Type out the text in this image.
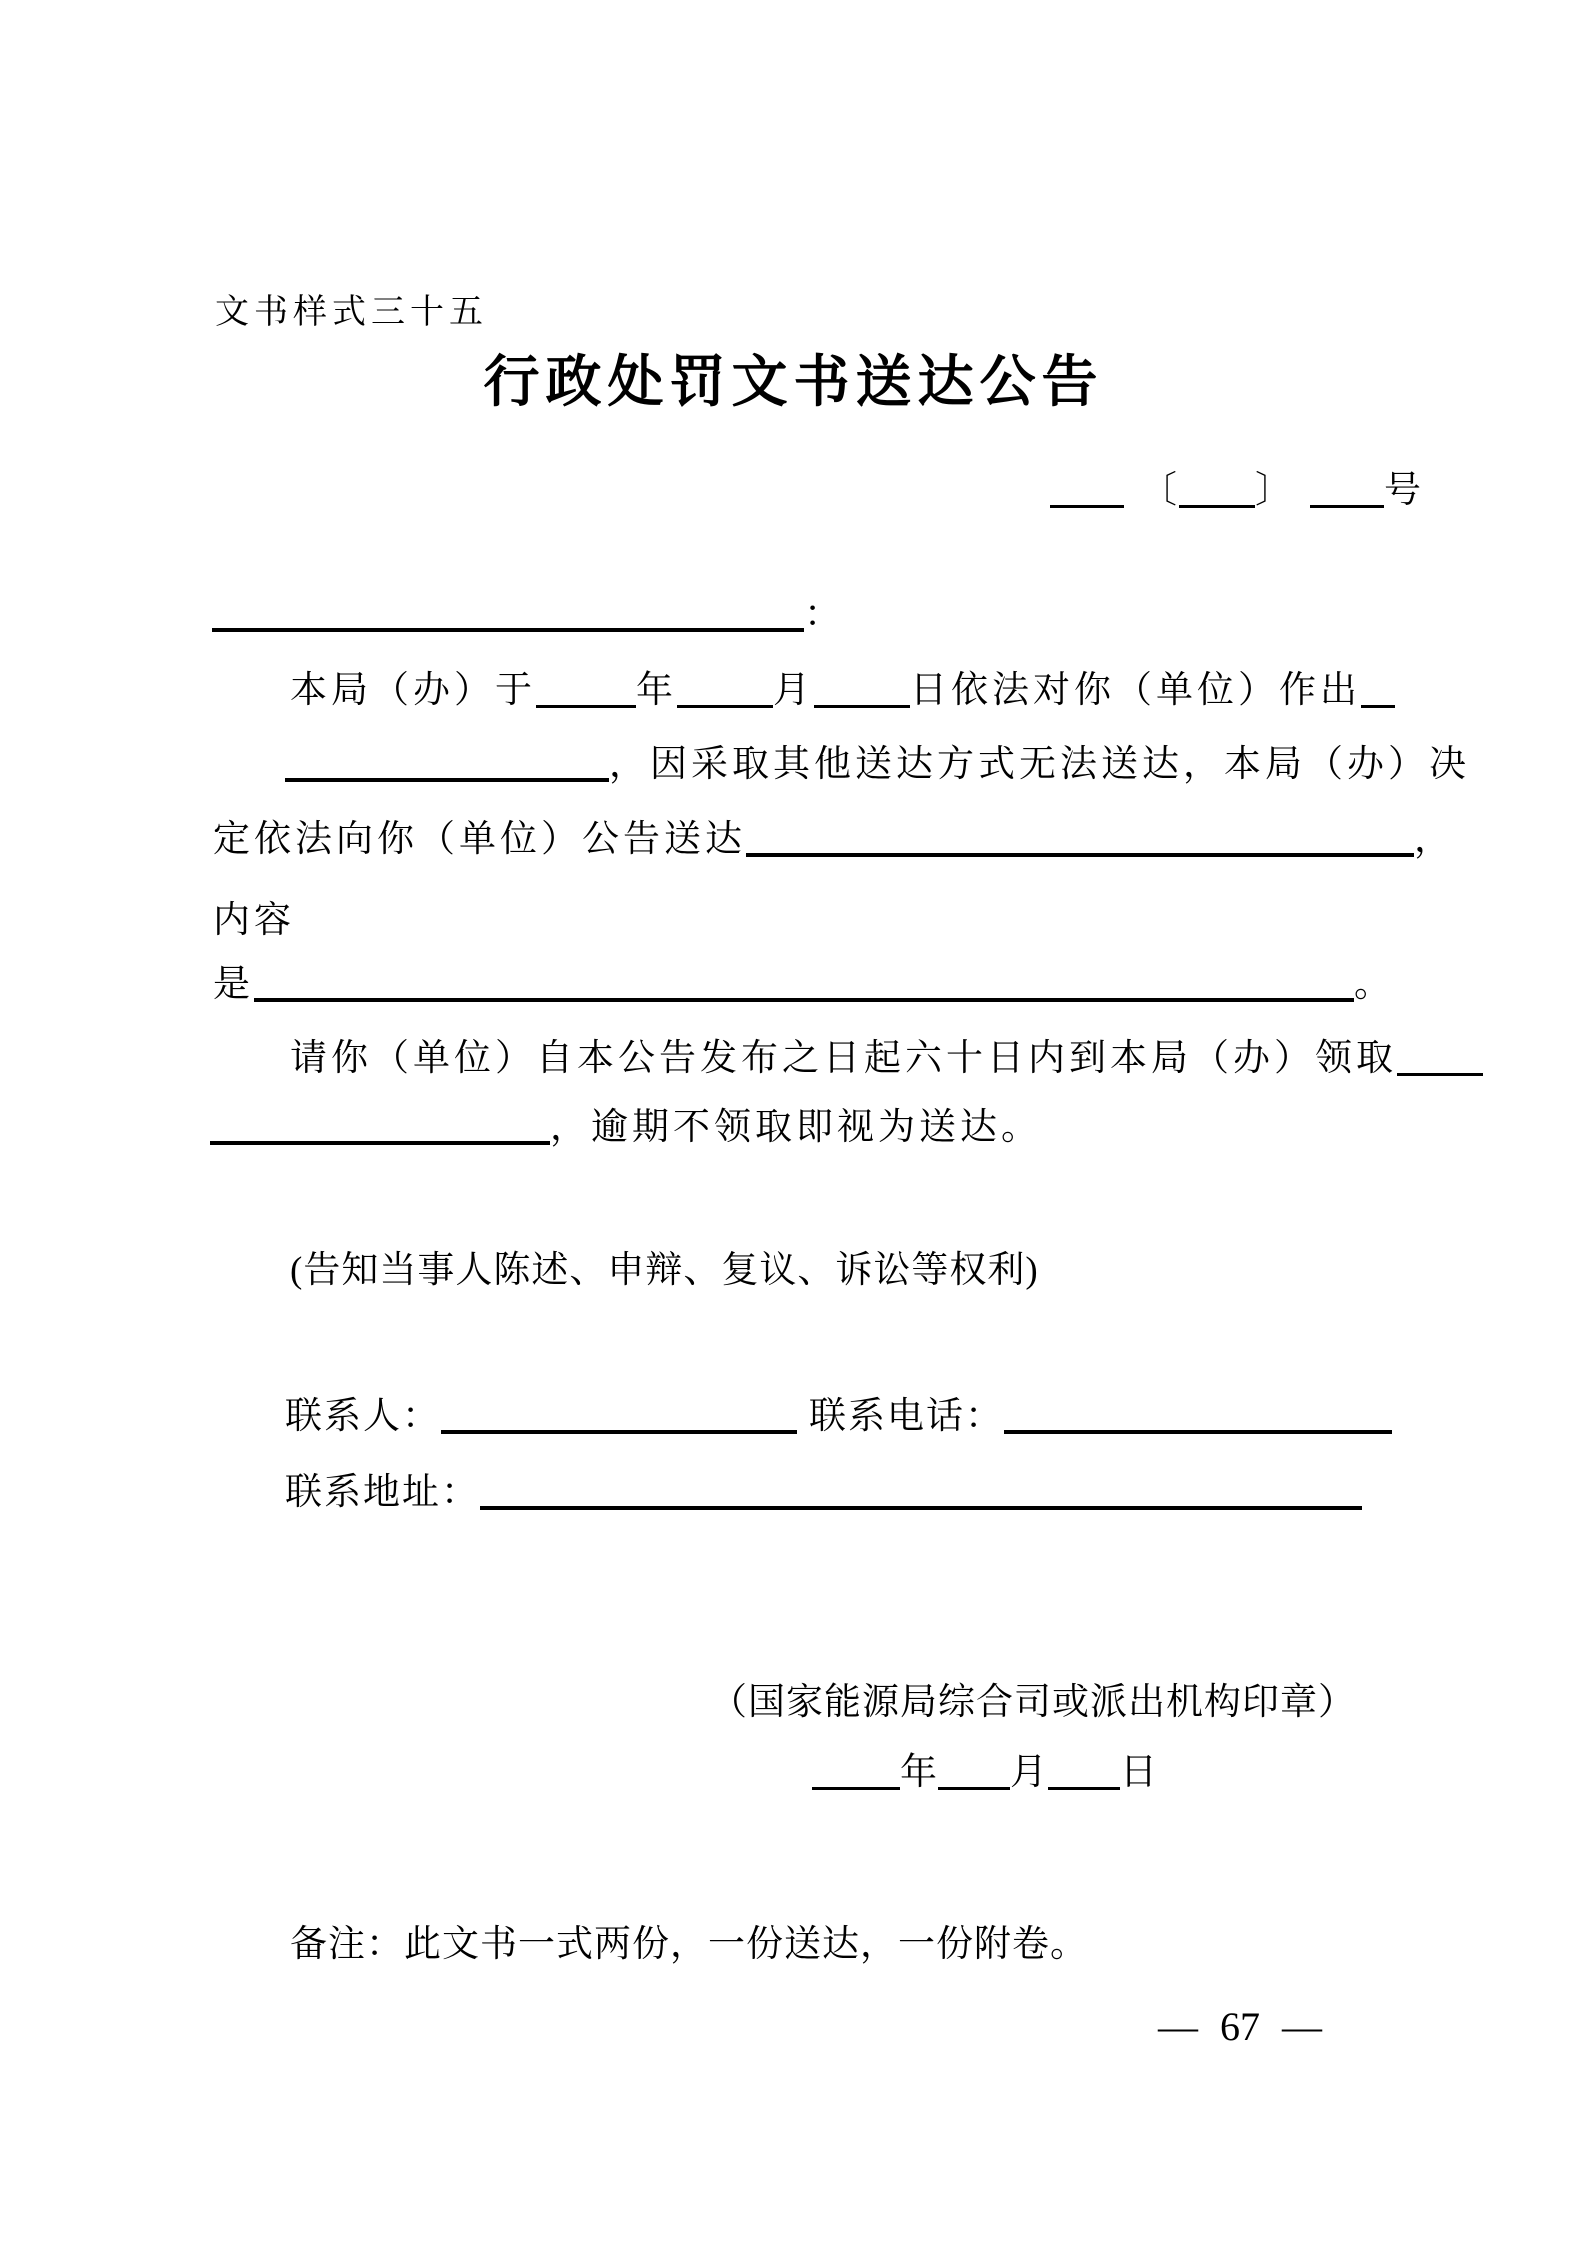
文书样式三十五
行政处罚文书送达公告
〔 〕 号
：
本局（办）于	年	月	日依法对你（单位）作出
，因采取其他送达方式无法送达，本局（办）决
定依法向你（单位）公告送达	，
内容
是	。
请你（单位）自本公告发布之日起六十日内到本局（办）领取
，逾期不领取即视为送达。
(告知当事人陈述、申辩、复议、诉讼等权利)
联系人：	联系电话：
联系地址：
（国家能源局综合司或派出机构印章）
年 月 日
备注：此文书一式两份，一份送达，一份附卷。
— 67 —
